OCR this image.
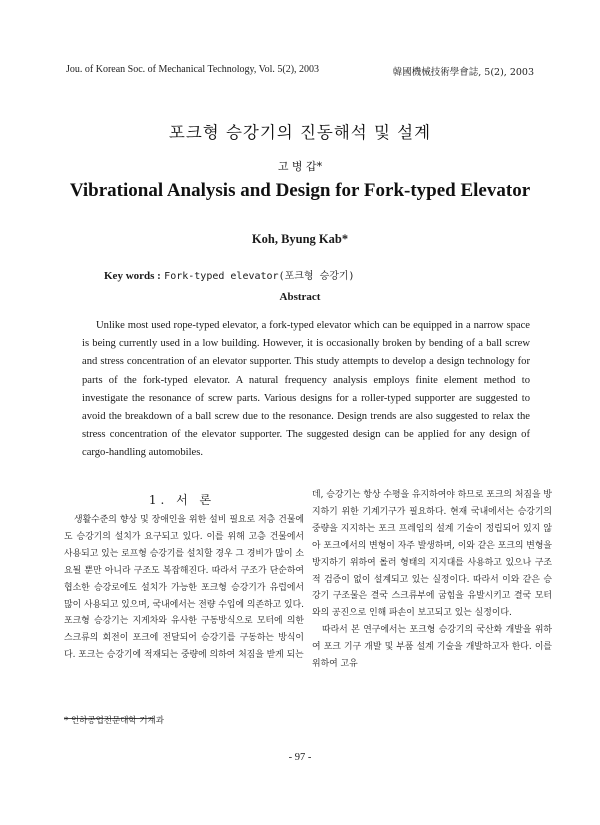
Jou. of Korean Soc. of Mechanical Technology, Vol. 5(2), 2003	韓國機械技術學會誌, 5(2), 2003
포크형 승강기의 진동해석 및 설계
고 병 갑*
Vibrational Analysis and Design for Fork-typed Elevator
Koh, Byung Kab*
Key words : Fork-typed elevator(포크형 승강기)
Abstract

Unlike most used rope-typed elevator, a fork-typed elevator which can be equipped in a narrow space is being currently used in a low building. However, it is occasionally broken by bending of a ball screw and stress concentration of an elevator supporter. This study attempts to develop a design technology for parts of the fork-typed elevator. A natural frequency analysis employs finite element method to investigate the resonance of screw parts. Various designs for a roller-typed supporter are suggested to avoid the breakdown of a ball screw due to the resonance. Design trends are also suggested to relax the stress concentration of the elevator supporter. The suggested design can be applied for any design of cargo-handling automobiles.

1. 서 론

생활수준의 향상 및 장애인을 위한 설비 필요로 저층 건물에도 승강기의 설치가 요구되고 있다. 이를 위해 고층 건물에서 사용되고 있는 로프형 승강기를 설치할 경우 그 경비가 많이 소요될 뿐만 아니라 구조도 복잡해진다. 따라서 구조가 단순하여 협소한 승강로에도 설치가 가능한 포크형 승강기가 유럽에서 많이 사용되고 있으며, 국내에서는 전량 수입에 의존하고 있다. 포크형 승강기는 지게차와 유사한 구동방식으로 모터에 의한 스크류의 회전이 포크에 전달되어 승강기를 구동하는 방식이다. 포크는 승강기에 적재되는 중량에 의하여 처짐을 받게 되는

데, 승강기는 항상 수평을 유지하여야 하므로 포크의 처짐을 방지하기 위한 기계기구가 필요하다. 현재 국내에서는 승강기의 중량을 지지하는 포크 프레임의 설계 기술이 정립되어 있지 않아 포크에서의 변형이 자주 발생하며, 이와 같은 포크의 변형을 방지하기 위하여 롤러 형태의 지지대를 사용하고 있으나 구조적 검증이 없이 설계되고 있는 실정이다. 따라서 이와 같은 승강기 구조물은 결국 스크류부에 굽힘을 유발시키고 결국 모터와의 공진으로 인해 파손이 보고되고 있는 실정이다.

따라서 본 연구에서는 포크형 승강기의 국산화 개발을 위하여 포크 기구 개발 및 부품 설계 기술을 개발하고자 한다. 이를 위하여 고유

* 인하공업전문대학 기계과
- 97 -
